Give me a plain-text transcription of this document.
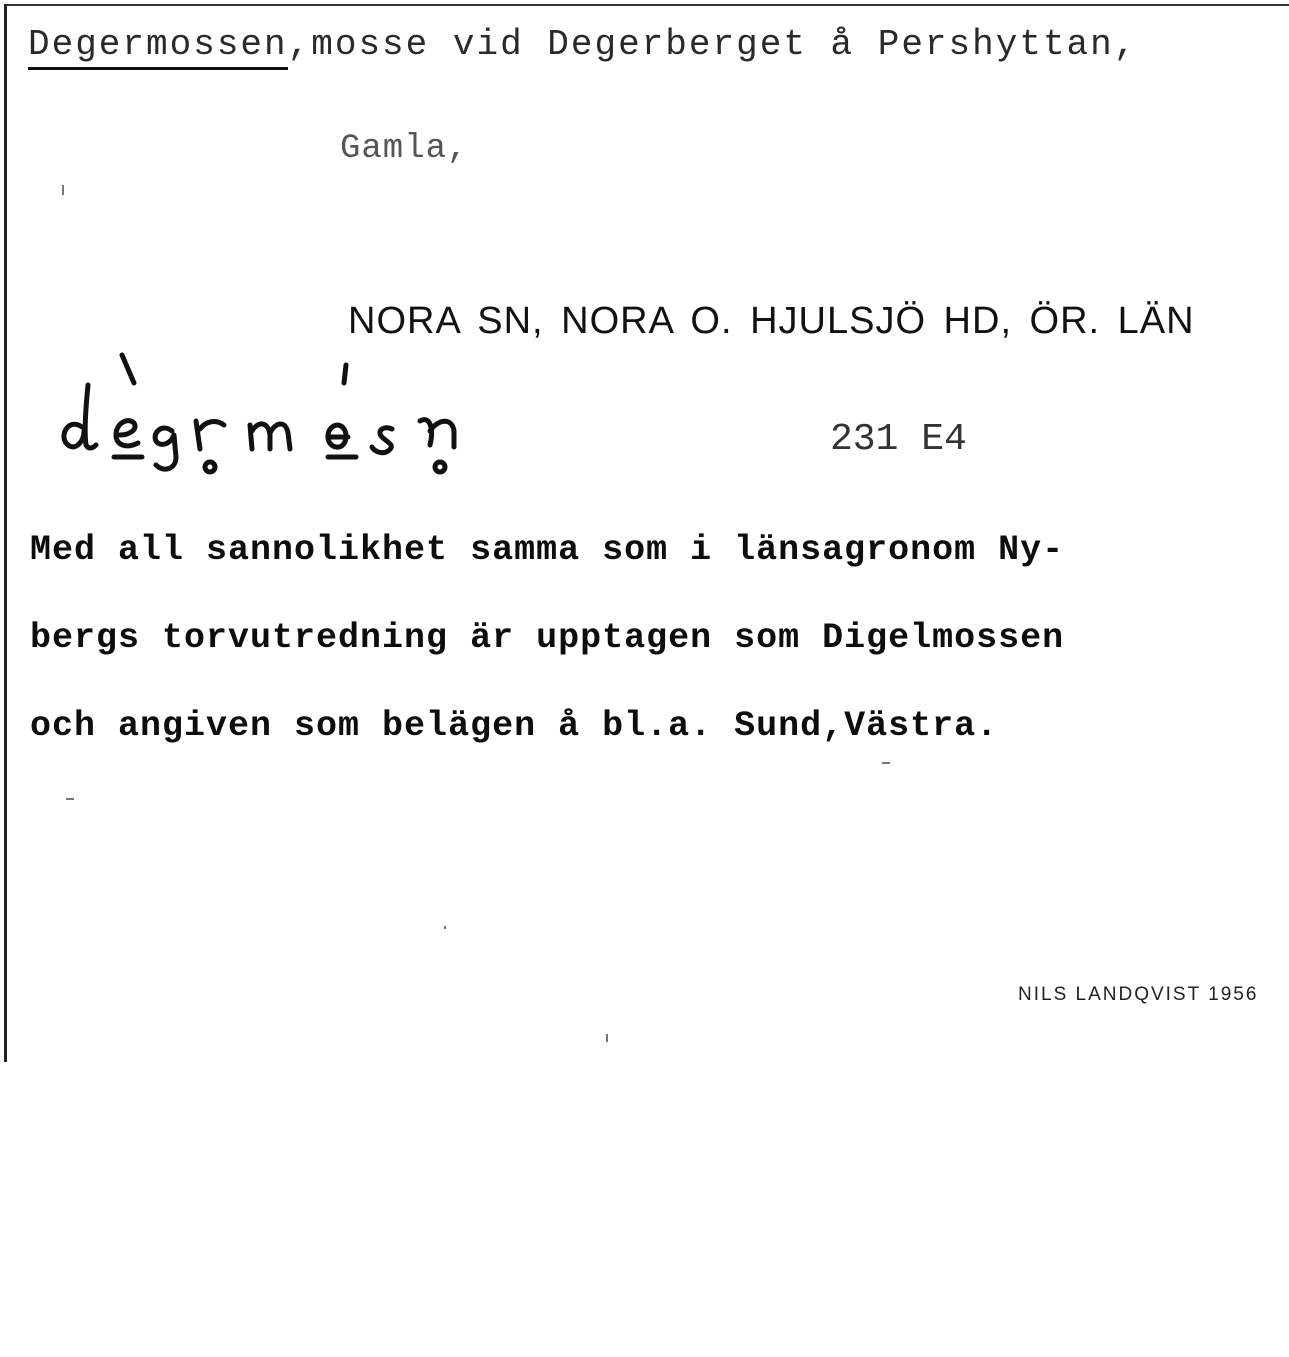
Degermossen,mosse vid Degerberget å Pershyttan,
Gamla,
NORA SN, NORA O. HJULSJÖ HD, ÖR. LÄN
231 E4
Med all sannolikhet samma som i länsagronom Ny-
bergs torvutredning är upptagen som Digelmossen
och angiven som belägen å bl.a. Sund,Västra.
NILS LANDQVIST 1956
